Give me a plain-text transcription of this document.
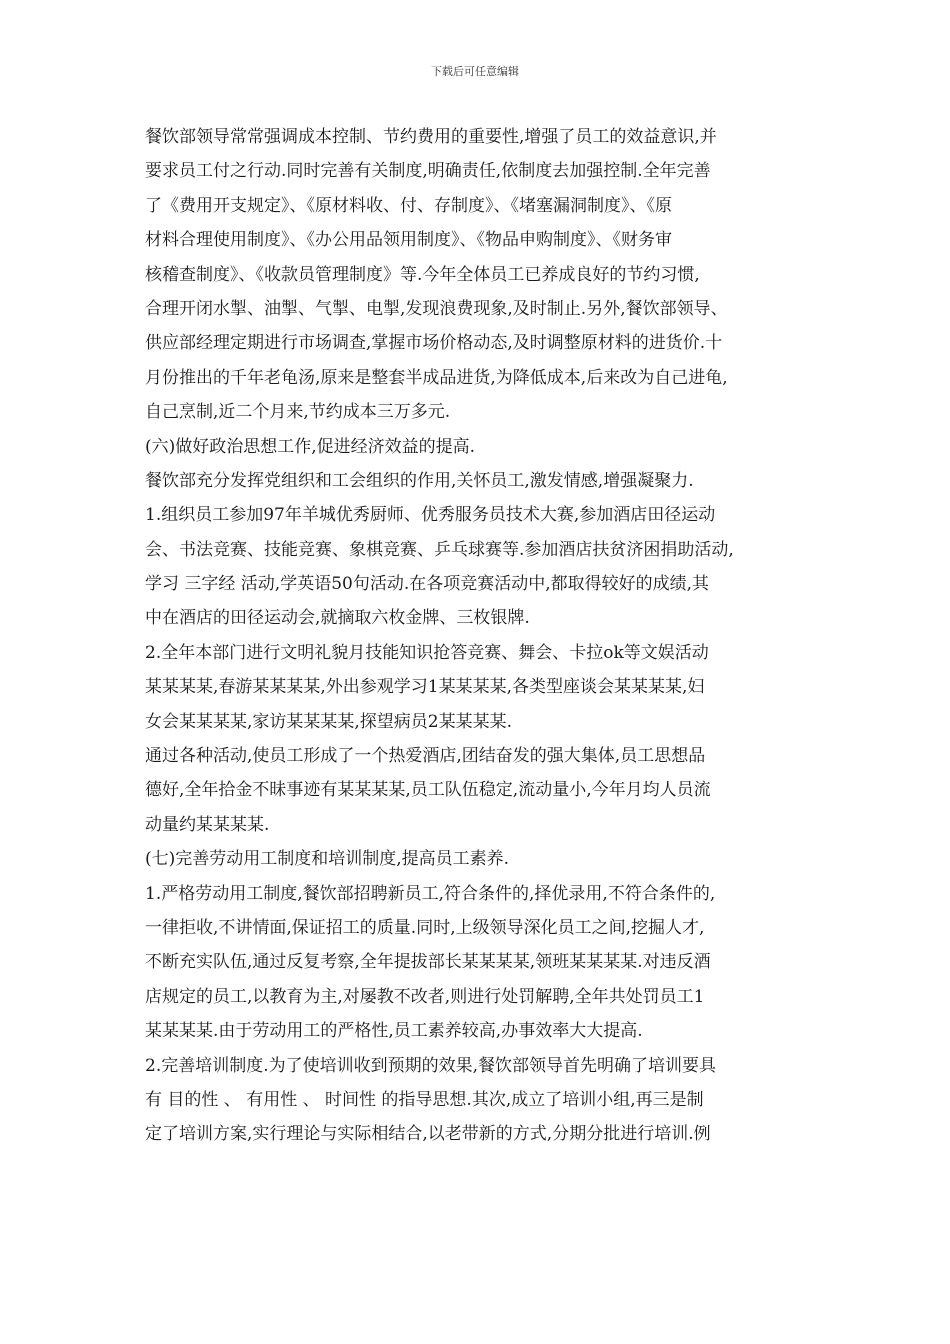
下载后可任意编辑
餐饮部领导常常强调成本控制、节约费用的重要性,增强了员工的效益意识,并
要求员工付之行动.同时完善有关制度,明确责任,依制度去加强控制.全年完善
了《费用开支规定》、《原材料收、付、存制度》、《堵塞漏洞制度》、《原
材料合理使用制度》、《办公用品领用制度》、《物品申购制度》、《财务审
核稽查制度》、《收款员管理制度》等.今年全体员工已养成良好的节约习惯,
合理开闭水掣、油掣、气掣、电掣,发现浪费现象,及时制止.另外,餐饮部领导、
供应部经理定期进行市场调查,掌握市场价格动态,及时调整原材料的进货价.十
月份推出的千年老龟汤,原来是整套半成品进货,为降低成本,后来改为自己进龟,
自己烹制,近二个月来,节约成本三万多元.
(六)做好政治思想工作,促进经济效益的提高.
餐饮部充分发挥党组织和工会组织的作用,关怀员工,激发情感,增强凝聚力.
1.组织员工参加97年羊城优秀厨师、优秀服务员技术大赛,参加酒店田径运动
会、书法竞赛、技能竞赛、象棋竞赛、乒乓球赛等.参加酒店扶贫济困捐助活动,
学习 三字经 活动,学英语50句活动.在各项竞赛活动中,都取得较好的成绩,其
中在酒店的田径运动会,就摘取六枚金牌、三枚银牌.
2.全年本部门进行文明礼貌月技能知识抢答竞赛、舞会、卡拉ok等文娱活动
某某某某,春游某某某某,外出参观学习1某某某某,各类型座谈会某某某某,妇
女会某某某某,家访某某某某,探望病员2某某某某.
通过各种活动,使员工形成了一个热爱酒店,团结奋发的强大集体,员工思想品
德好,全年拾金不昧事迹有某某某某,员工队伍稳定,流动量小,今年月均人员流
动量约某某某某.
(七)完善劳动用工制度和培训制度,提高员工素养.
1.严格劳动用工制度,餐饮部招聘新员工,符合条件的,择优录用,不符合条件的,
一律拒收,不讲情面,保证招工的质量.同时,上级领导深化员工之间,挖掘人才,
不断充实队伍,通过反复考察,全年提拔部长某某某某,领班某某某某.对违反酒
店规定的员工,以教育为主,对屡教不改者,则进行处罚解聘,全年共处罚员工1
某某某某.由于劳动用工的严格性,员工素养较高,办事效率大大提高.
2.完善培训制度.为了使培训收到预期的效果,餐饮部领导首先明确了培训要具
有 目的性 、 有用性 、 时间性 的指导思想.其次,成立了培训小组,再三是制
定了培训方案,实行理论与实际相结合,以老带新的方式,分期分批进行培训.例
